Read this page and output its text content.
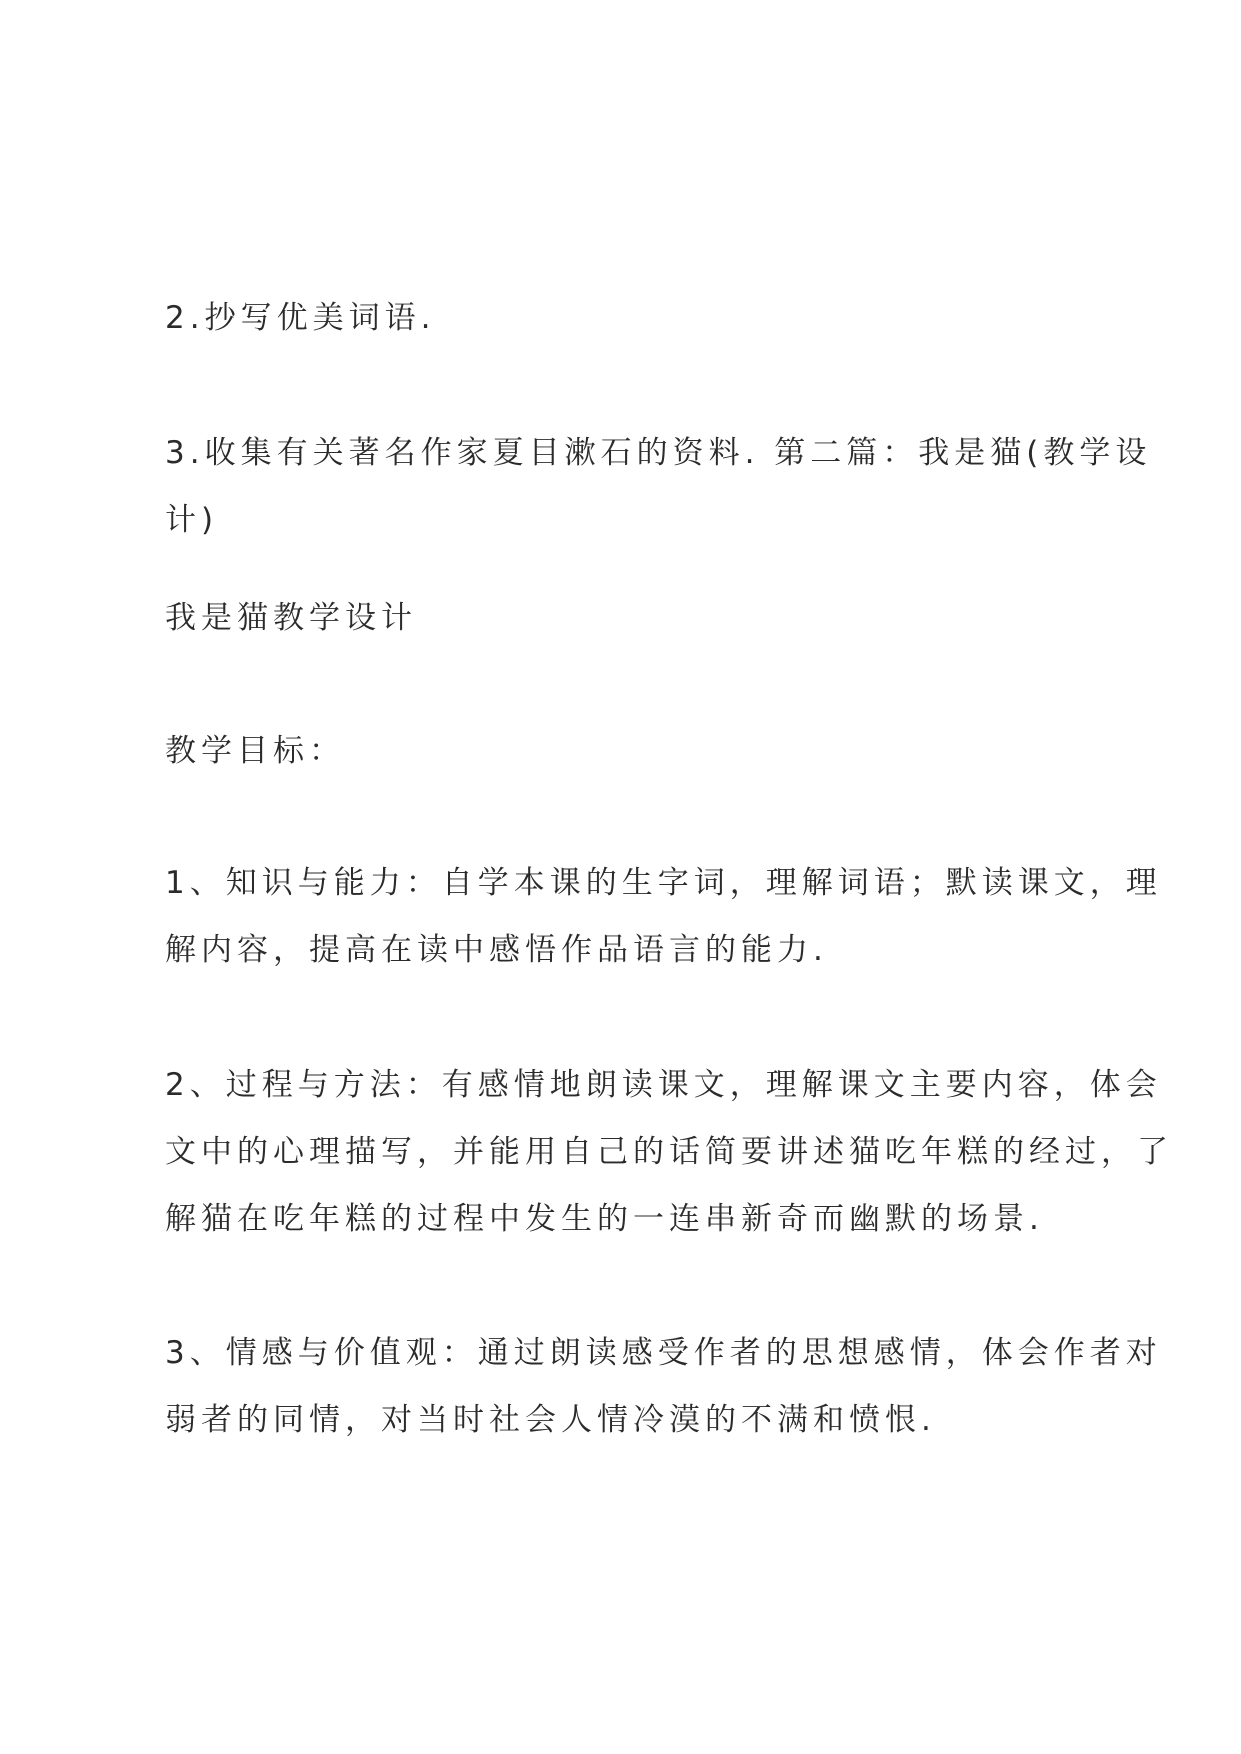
2.抄写优美词语.

3.收集有关著名作家夏目漱石的资料. 第二篇：我是猫(教学设
计)

我是猫教学设计

教学目标：

1、知识与能力：自学本课的生字词，理解词语；默读课文，理
解内容，提高在读中感悟作品语言的能力.

2、过程与方法：有感情地朗读课文，理解课文主要内容，体会
文中的心理描写，并能用自己的话简要讲述猫吃年糕的经过，了
解猫在吃年糕的过程中发生的一连串新奇而幽默的场景.

3、情感与价值观：通过朗读感受作者的思想感情，体会作者对
弱者的同情，对当时社会人情冷漠的不满和愤恨.
